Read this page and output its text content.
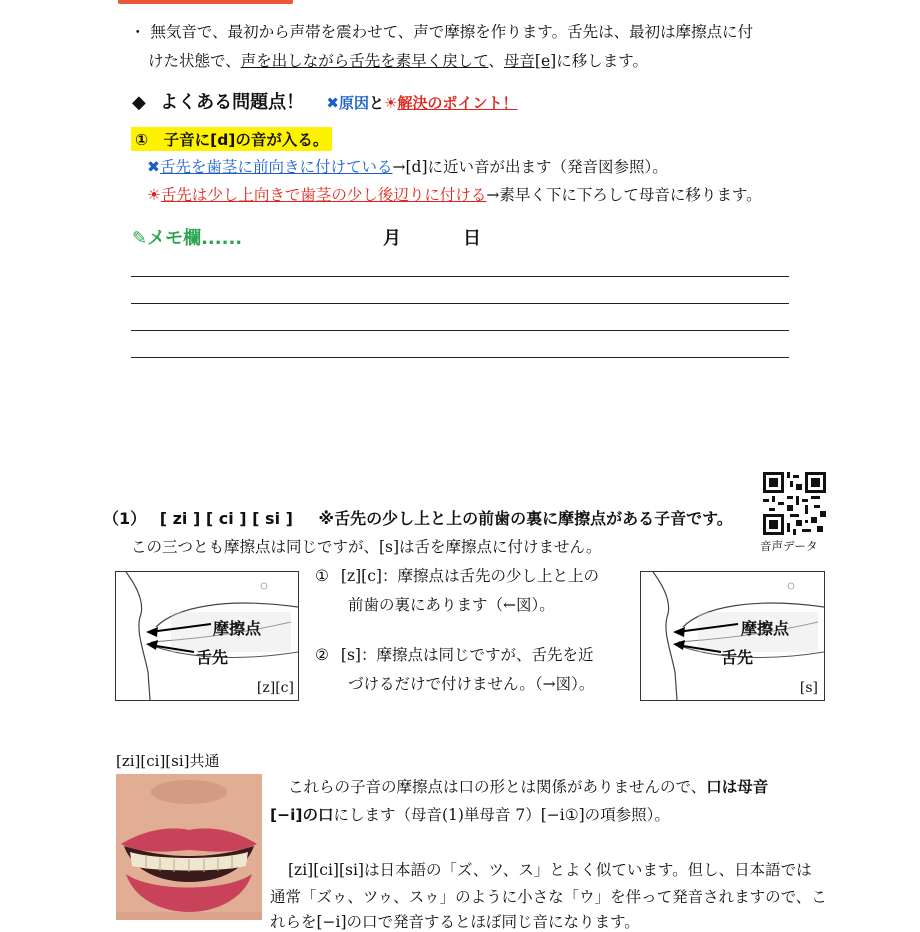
・ 無気音で、最初から声帯を震わせて、声で摩擦を作ります。舌先は、最初は摩擦点に付
けた状態で、声を出しながら舌先を素早く戻して、母音[e]に移します。
◆ よくある問題点！ ✖原因と☀解決のポイント！
①　子音に[d]の音が入る。
✖舌先を歯茎に前向きに付けている→[d]に近い音が出ます（発音図参照）。
☀舌先は少し上向きで歯茎の少し後辺りに付ける→素早く下に下ろして母音に移ります。
✎メモ欄......	月	日
（1） [ zi ] [ ci ] [ si ] ※舌先の少し上と上の前歯の裏に摩擦点がある子音です。
音声データ
この三つとも摩擦点は同じですが、[s]は舌を摩擦点に付けません。
摩擦点
舌先
[z][c]
① [z][c]：摩擦点は舌先の少し上と上の
前歯の裏にあります（←図）。
② [s]：摩擦点は同じですが、舌先を近
づけるだけで付けません。（→図）。
摩擦点
舌先
[s]
[zi][ci][si]共通
これらの子音の摩擦点は口の形とは関係がありませんので、口は母音
[−i]の口にします（母音(1)単母音 7）[−i①]の項参照）。
[zi][ci][si]は日本語の「ズ、ツ、ス」とよく似ています。但し、日本語では
通常「ズゥ、ツゥ、スゥ」のように小さな「ウ」を伴って発音されますので、こ
れらを[−i]の口で発音するとほぼ同じ音になります。
